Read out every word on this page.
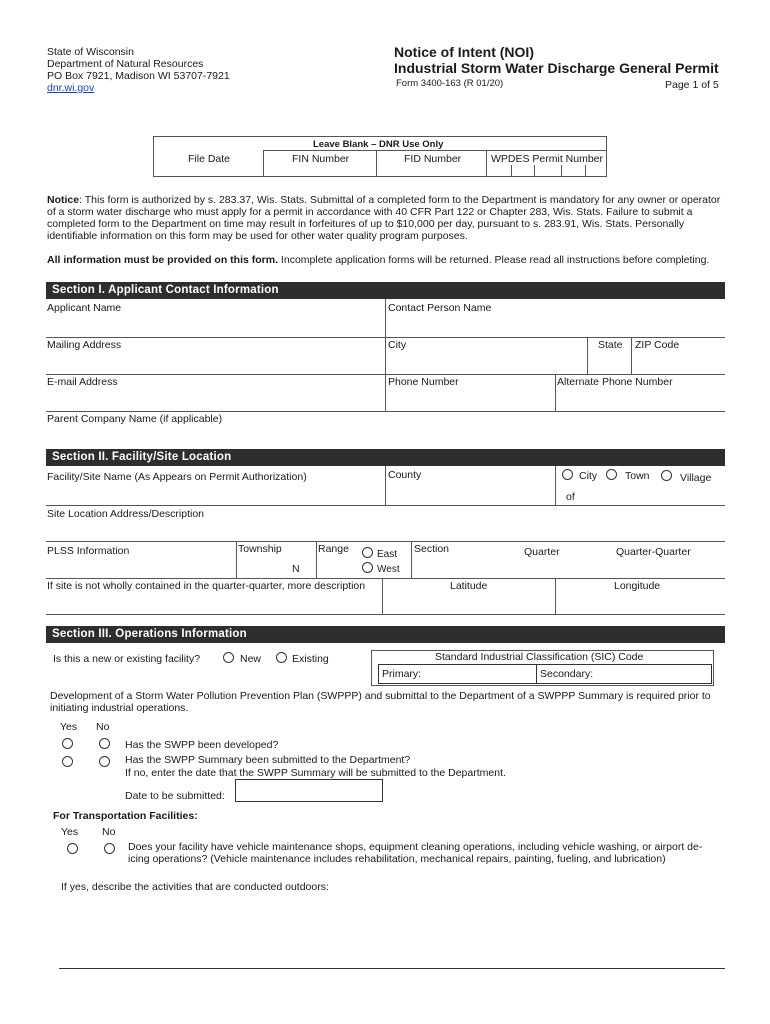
State of Wisconsin
Department of Natural Resources
PO Box 7921, Madison WI 53707-7921
dnr.wi.gov
Notice of Intent (NOI)
Industrial Storm Water Discharge General Permit
Form 3400-163 (R 01/20)	Page 1 of 5
Leave Blank – DNR Use Only
File Date	FIN Number	FID Number	WPDES Permit Number
Notice: This form is authorized by s. 283.37, Wis. Stats. Submittal of a completed form to the Department is mandatory for any owner or operator of a storm water discharge who must apply for a permit in accordance with 40 CFR Part 122 or Chapter 283, Wis. Stats. Failure to submit a completed form to the Department on time may result in forfeitures of up to $10,000 per day, pursuant to s. 283.91, Wis. Stats. Personally identifiable information on this form may be used for other water quality program purposes.
All information must be provided on this form. Incomplete application forms will be returned. Please read all instructions before completing.
Section I. Applicant Contact Information
Applicant Name	Contact Person Name
Mailing Address	City	State ZIP Code
E-mail Address	Phone Number	Alternate Phone Number
Parent Company Name (if applicable)
Section II. Facility/Site Location
Facility/Site Name (As Appears on Permit Authorization)	County	City	Town	Village
of
Site Location Address/Description
PLSS Information	Township
N
Range	East
West
Section	Quarter	Quarter-Quarter
If site is not wholly contained in the quarter-quarter, more description	Latitude	Longitude
Section III. Operations Information
Is this a new or existing facility?	New	Existing	Standard Industrial Classification (SIC) Code
Primary:	Secondary:
Development of a Storm Water Pollution Prevention Plan (SWPPP) and submittal to the Department of a SWPPP Summary is required prior to initiating industrial operations.
Yes No
Has the SWPP been developed?
Has the SWPP Summary been submitted to the Department?
If no, enter the date that the SWPP Summary will be submitted to the Department.
Date to be submitted:
For Transportation Facilities:
Yes No
Does your facility have vehicle maintenance shops, equipment cleaning operations, including vehicle washing, or airport de-icing operations? (Vehicle maintenance includes rehabilitation, mechanical repairs, painting, fueling, and lubrication)
If yes, describe the activities that are conducted outdoors:
